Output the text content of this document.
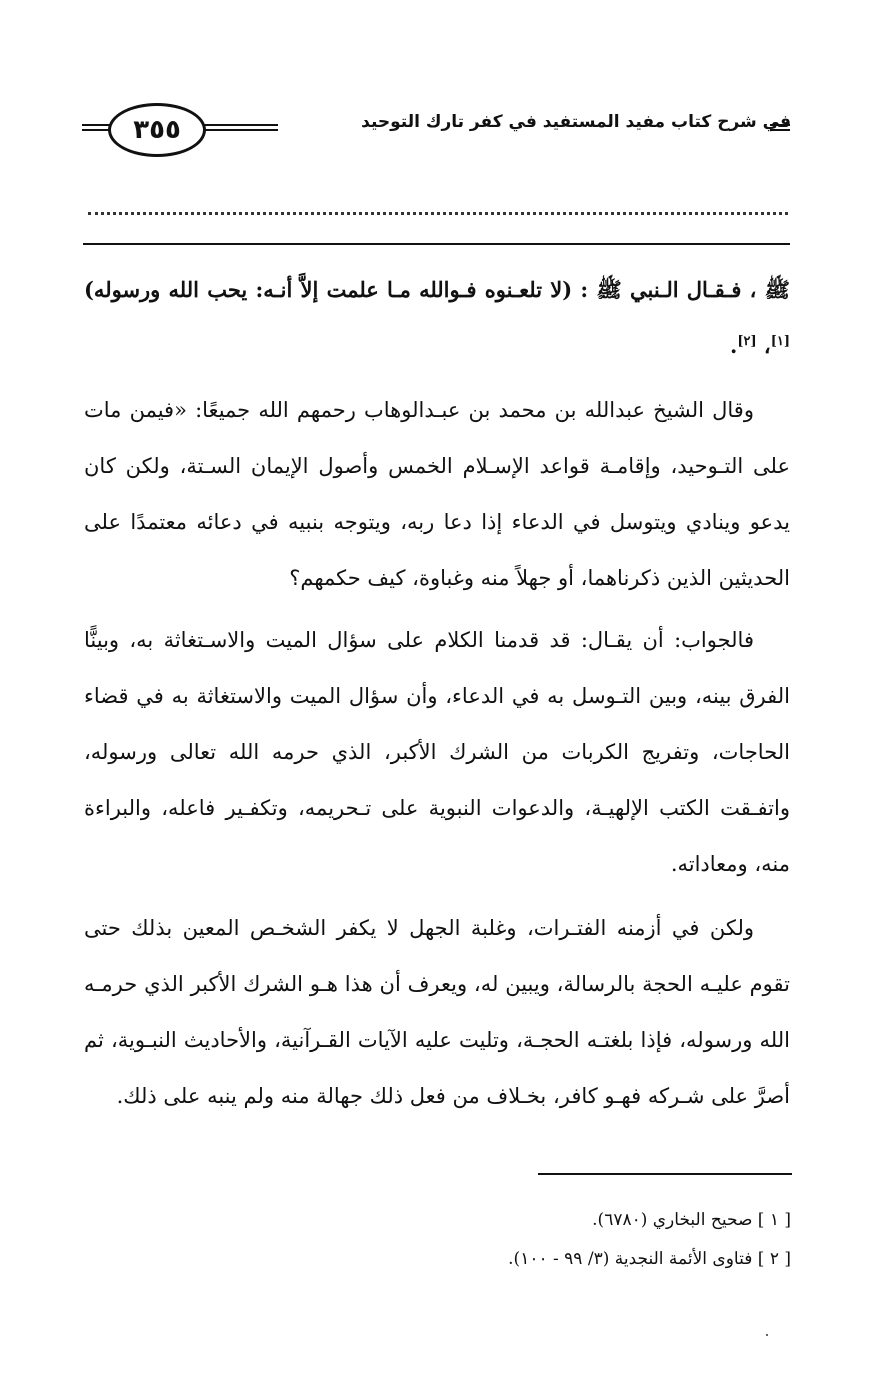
في شرح كتاب مفيد المستفيد في كفر تارك التوحيد
٣٥٥
ﷺ ، فـقـال الـنبي ﷺ : (لا تلعـنوه فـوالله مـا علمت إلاَّ أنـه: يحب الله ورسوله)[١]، [٢].
وقال الشيخ عبدالله بن محمد بن عبـدالوهاب رحمهم الله جميعًا: «فيمن مات على التـوحيد، وإقامـة قواعد الإسـلام الخمس وأصول الإيمان السـتة، ولكن كان يدعو وينادي ويتوسل في الدعاء إذا دعا ربه، ويتوجه بنبيه في دعائه معتمدًا على الحديثين الذين ذكرناهما، أو جهلاً منه وغباوة، كيف حكمهم؟
فالجواب: أن يقـال: قد قدمنا الكلام على سؤال الميت والاسـتغاثة به، وبينًّا الفرق بينه، وبين التـوسل به في الدعاء، وأن سؤال الميت والاستغاثة به في قضاء الحاجات، وتفريج الكربات من الشرك الأكبر، الذي حرمه الله تعالى ورسوله، واتفـقت الكتب الإلهيـة، والدعوات النبوية على تـحريمه، وتكفـير فاعله، والبراءة منه، ومعاداته.
ولكن في أزمنه الفتـرات، وغلبة الجهل لا يكفر الشخـص المعين بذلك حتى تقوم عليـه الحجة بالرسالة، ويبين له، ويعرف أن هذا هـو الشرك الأكبر الذي حرمـه الله ورسوله، فإذا بلغتـه الحجـة، وتليت عليه الآيات القـرآنية، والأحاديث النبـوية، ثم أصرَّ على شـركه فهـو كافر، بخـلاف من فعل ذلك جهالة منه ولم ينبه على ذلك.
[ ١ ] صحيح البخاري (٦٧٨٠).
[ ٢ ] فتاوى الأئمة النجدية (٣/ ٩٩ - ١٠٠).
